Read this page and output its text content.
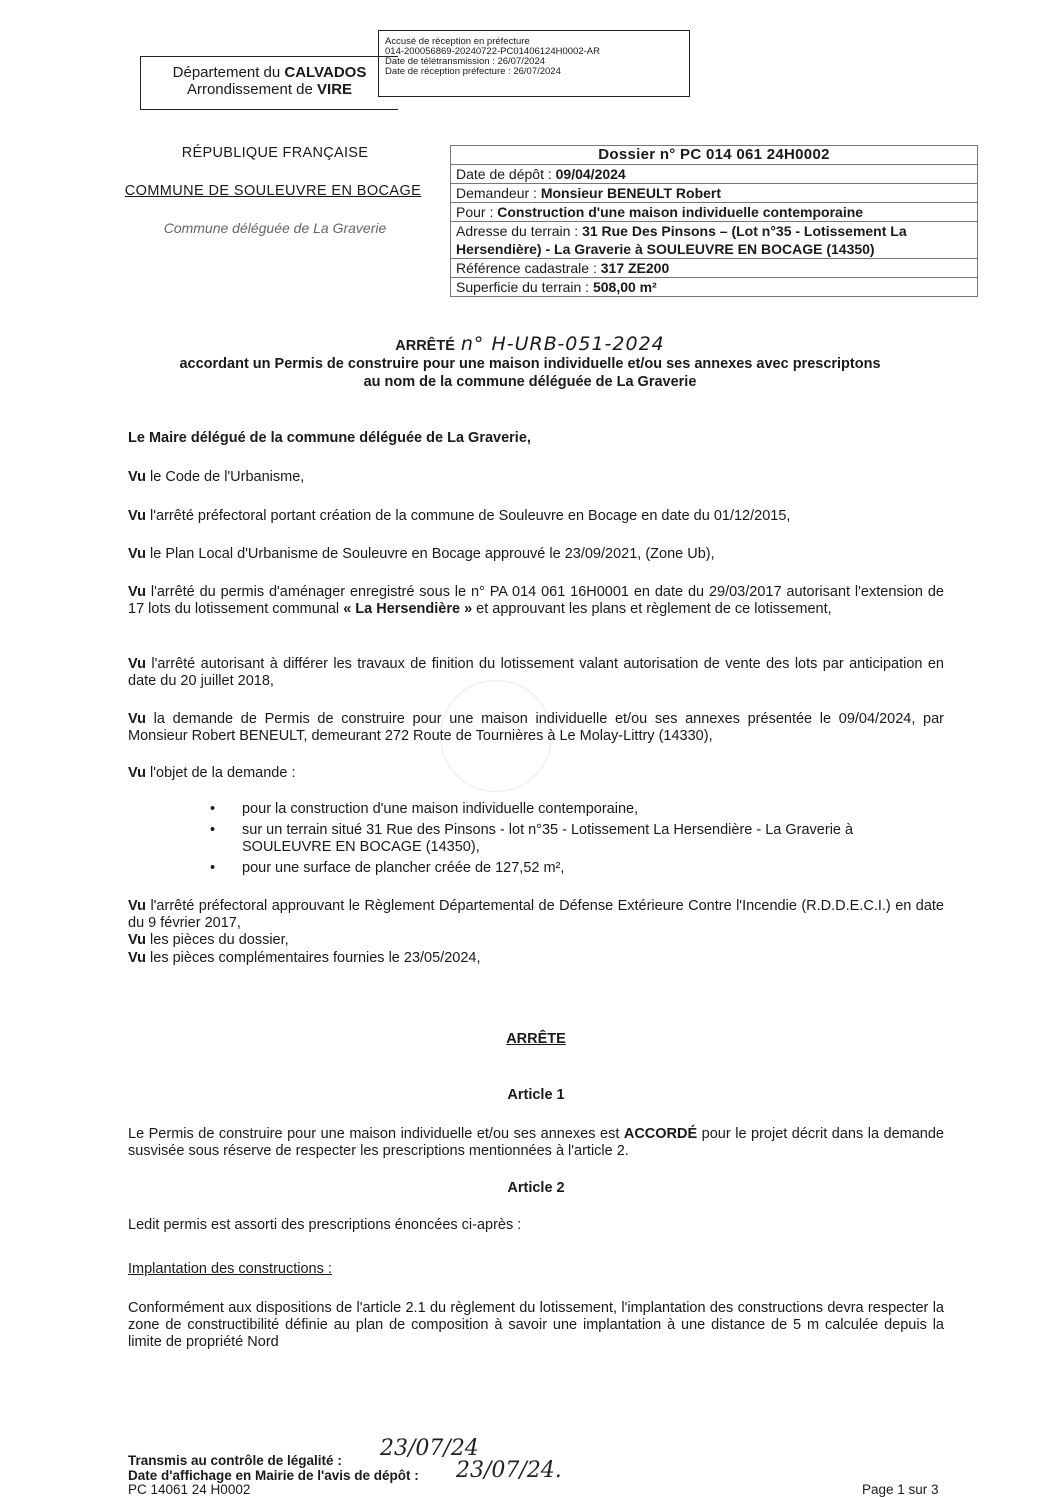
Accusé de réception en préfecture
014-200056869-20240722-PC01406124H0002-AR
Date de télétransmission : 26/07/2024
Date de réception préfecture : 26/07/2024
Département du CALVADOS
Arrondissement de VIRE
RÉPUBLIQUE FRANÇAISE
COMMUNE DE SOULEUVRE EN BOCAGE
Commune déléguée de La Graverie
Dossier n° PC 014 061 24H0002
Date de dépôt : 09/04/2024
Demandeur : Monsieur BENEULT Robert
Pour : Construction d'une maison individuelle contemporaine
Adresse du terrain : 31 Rue Des Pinsons – (Lot n°35 - Lotissement La Hersendière) - La Graverie à SOULEUVRE EN BOCAGE (14350)
Référence cadastrale : 317 ZE200
Superficie du terrain : 508,00 m²
ARRÊTÉ n° H-URB-051-2024
accordant un Permis de construire pour une maison individuelle et/ou ses annexes avec prescriptons
au nom de la commune déléguée de La Graverie
Le Maire délégué de la commune déléguée de La Graverie,
Vu le Code de l'Urbanisme,
Vu l'arrêté préfectoral portant création de la commune de Souleuvre en Bocage en date du 01/12/2015,
Vu le Plan Local d'Urbanisme de Souleuvre en Bocage approuvé le 23/09/2021, (Zone Ub),
Vu l'arrêté du permis d'aménager enregistré sous le n° PA 014 061 16H0001 en date du 29/03/2017 autorisant l'extension de 17 lots du lotissement communal « La Hersendière » et approuvant les plans et règlement de ce lotissement,
Vu l'arrêté autorisant à différer les travaux de finition du lotissement valant autorisation de vente des lots par anticipation en date du 20 juillet 2018,
Vu la demande de Permis de construire pour une maison individuelle et/ou ses annexes présentée le 09/04/2024, par Monsieur Robert BENEULT, demeurant 272 Route de Tournières à Le Molay-Littry (14330),
Vu l'objet de la demande :
• pour la construction d'une maison individuelle contemporaine,
• sur un terrain situé 31 Rue des Pinsons - lot n°35 - Lotissement La Hersendière - La Graverie à SOULEUVRE EN BOCAGE (14350),
• pour une surface de plancher créée de 127,52 m²,
Vu l'arrêté préfectoral approuvant le Règlement Départemental de Défense Extérieure Contre l'Incendie (R.D.D.E.C.I.) en date du 9 février 2017,
Vu les pièces du dossier,
Vu les pièces complémentaires fournies le 23/05/2024,
ARRÊTE
Article 1
Le Permis de construire pour une maison individuelle et/ou ses annexes est ACCORDÉ pour le projet décrit dans la demande susvisée sous réserve de respecter les prescriptions mentionnées à l'article 2.
Article 2
Ledit permis est assorti des prescriptions énoncées ci-après :
Implantation des constructions :
Conformément aux dispositions de l'article 2.1 du règlement du lotissement, l'implantation des constructions devra respecter la zone de constructibilité définie au plan de composition à savoir une implantation à une distance de 5 m calculée depuis la limite de propriété Nord
Transmis au contrôle de légalité : 23/07/24
Date d'affichage en Mairie de l'avis de dépôt : 23/07/24.
PC 14061 24 H0002	Page 1 sur 3
